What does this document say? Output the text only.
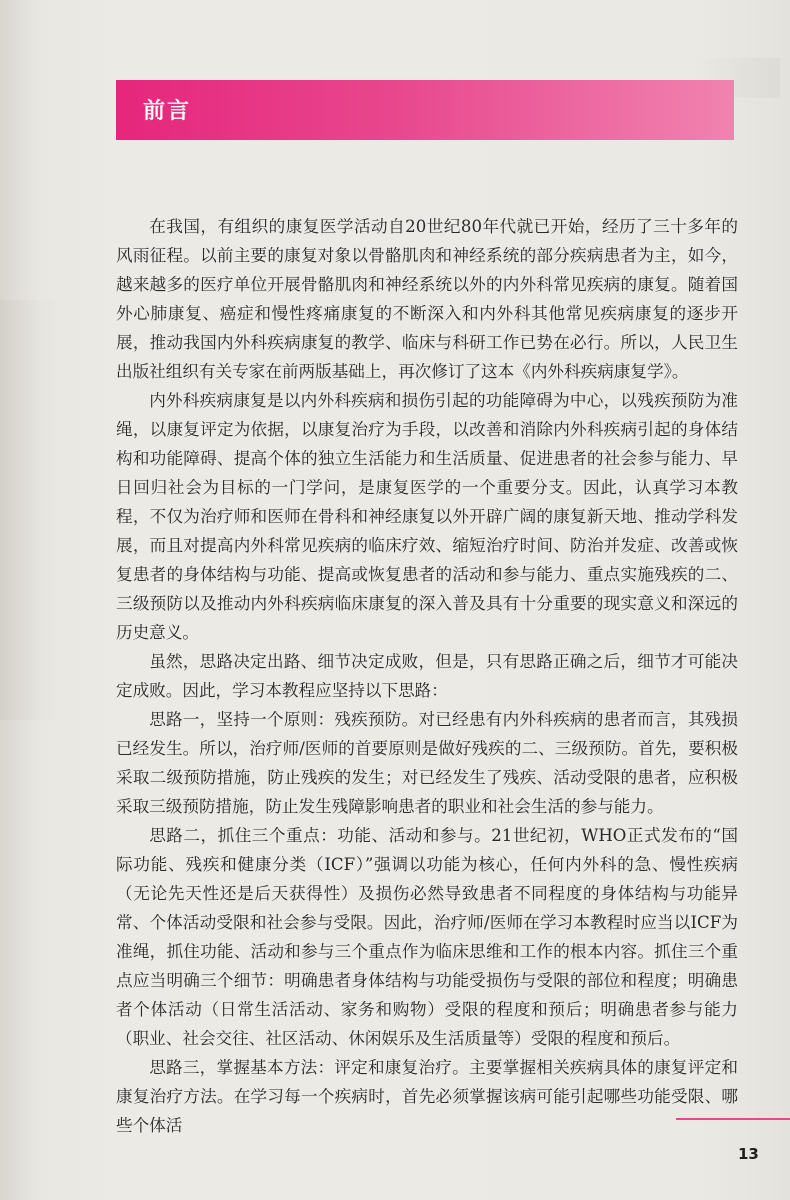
前言

在我国，有组织的康复医学活动自20世纪80年代就已开始，经历了三十多年的风雨征程。以前主要的康复对象以骨骼肌肉和神经系统的部分疾病患者为主，如今，越来越多的医疗单位开展骨骼肌肉和神经系统以外的内外科常见疾病的康复。随着国外心肺康复、癌症和慢性疼痛康复的不断深入和内外科其他常见疾病康复的逐步开展，推动我国内外科疾病康复的教学、临床与科研工作已势在必行。所以，人民卫生出版社组织有关专家在前两版基础上，再次修订了这本《内外科疾病康复学》。

内外科疾病康复是以内外科疾病和损伤引起的功能障碍为中心，以残疾预防为准绳，以康复评定为依据，以康复治疗为手段，以改善和消除内外科疾病引起的身体结构和功能障碍、提高个体的独立生活能力和生活质量、促进患者的社会参与能力、早日回归社会为目标的一门学问，是康复医学的一个重要分支。因此，认真学习本教程，不仅为治疗师和医师在骨科和神经康复以外开辟广阔的康复新天地、推动学科发展，而且对提高内外科常见疾病的临床疗效、缩短治疗时间、防治并发症、改善或恢复患者的身体结构与功能、提高或恢复患者的活动和参与能力、重点实施残疾的二、三级预防以及推动内外科疾病临床康复的深入普及具有十分重要的现实意义和深远的历史意义。

虽然，思路决定出路、细节决定成败，但是，只有思路正确之后，细节才可能决定成败。因此，学习本教程应坚持以下思路：

思路一，坚持一个原则：残疾预防。对已经患有内外科疾病的患者而言，其残损已经发生。所以，治疗师/医师的首要原则是做好残疾的二、三级预防。首先，要积极采取二级预防措施，防止残疾的发生；对已经发生了残疾、活动受限的患者，应积极采取三级预防措施，防止发生残障影响患者的职业和社会生活的参与能力。

思路二，抓住三个重点：功能、活动和参与。21世纪初，WHO正式发布的“国际功能、残疾和健康分类（ICF）”强调以功能为核心，任何内外科的急、慢性疾病（无论先天性还是后天获得性）及损伤必然导致患者不同程度的身体结构与功能异常、个体活动受限和社会参与受限。因此，治疗师/医师在学习本教程时应当以ICF为准绳，抓住功能、活动和参与三个重点作为临床思维和工作的根本内容。抓住三个重点应当明确三个细节：明确患者身体结构与功能受损伤与受限的部位和程度；明确患者个体活动（日常生活活动、家务和购物）受限的程度和预后；明确患者参与能力（职业、社会交往、社区活动、休闲娱乐及生活质量等）受限的程度和预后。

思路三，掌握基本方法：评定和康复治疗。主要掌握相关疾病具体的康复评定和康复治疗方法。在学习每一个疾病时，首先必须掌握该病可能引起哪些功能受限、哪些个体活

13
